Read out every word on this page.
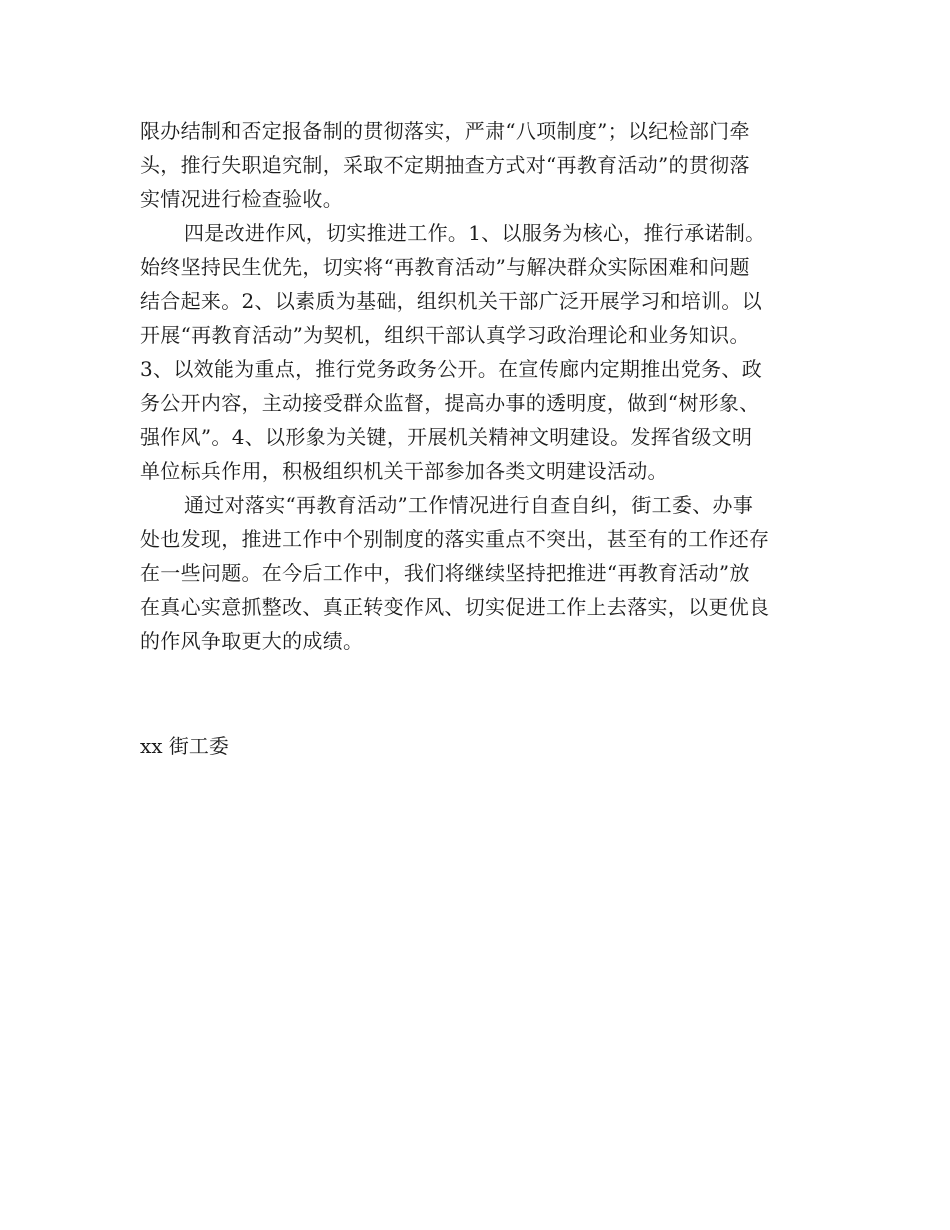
限办结制和否定报备制的贯彻落实，严肃“八项制度”；以纪检部门牵
头，推行失职追究制，采取不定期抽查方式对“再教育活动”的贯彻落
实情况进行检查验收。
四是改进作风，切实推进工作。1、以服务为核心，推行承诺制。
始终坚持民生优先，切实将“再教育活动”与解决群众实际困难和问题
结合起来。2、以素质为基础，组织机关干部广泛开展学习和培训。以
开展“再教育活动”为契机，组织干部认真学习政治理论和业务知识。
3、以效能为重点，推行党务政务公开。在宣传廊内定期推出党务、政
务公开内容，主动接受群众监督，提高办事的透明度，做到“树形象、
强作风”。4、以形象为关键，开展机关精神文明建设。发挥省级文明
单位标兵作用，积极组织机关干部参加各类文明建设活动。
通过对落实“再教育活动”工作情况进行自查自纠，街工委、办事
处也发现，推进工作中个别制度的落实重点不突出，甚至有的工作还存
在一些问题。在今后工作中，我们将继续坚持把推进“再教育活动”放
在真心实意抓整改、真正转变作风、切实促进工作上去落实，以更优良
的作风争取更大的成绩。
xx 街工委
